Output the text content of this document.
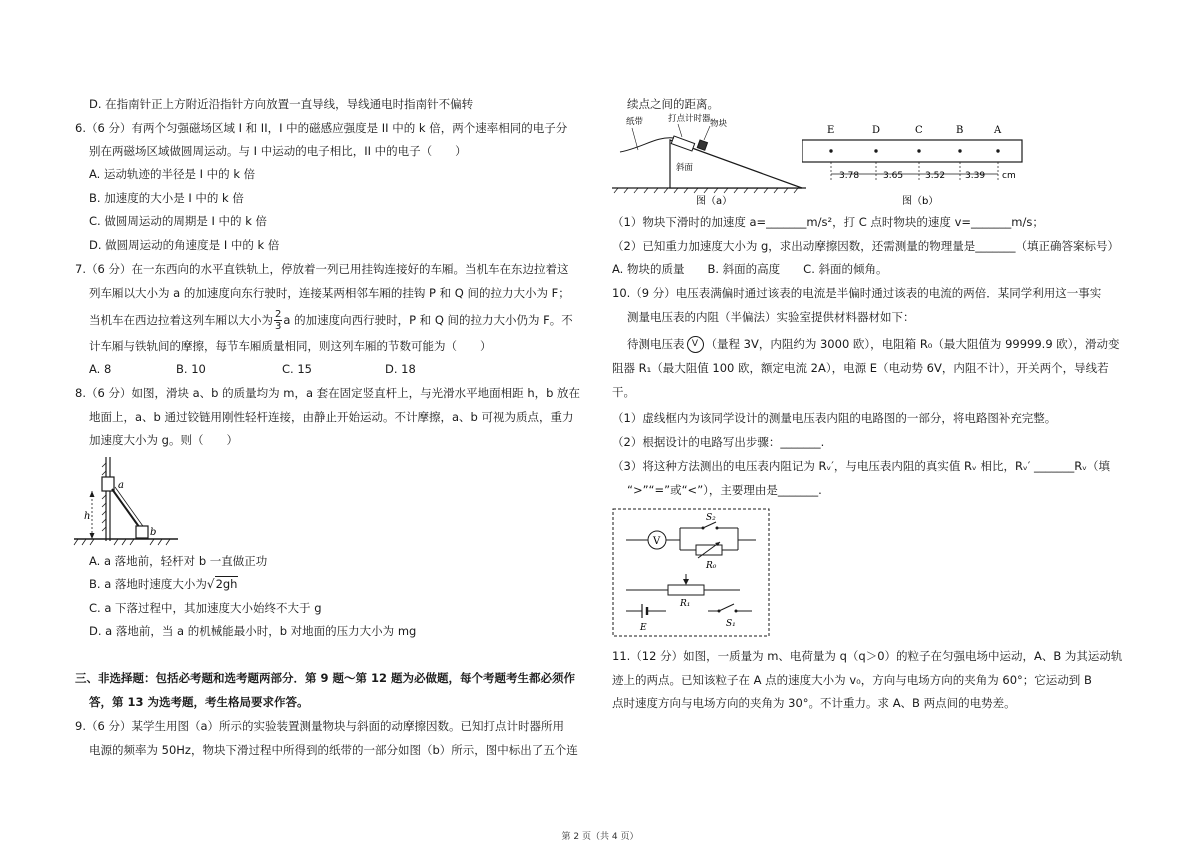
D. 在指南针正上方附近沿指针方向放置一直导线，导线通电时指南针不偏转
6.（6 分）有两个匀强磁场区域 I 和 II，I 中的磁感应强度是 II 中的 k 倍，两个速率相同的电子分
别在两磁场区域做圆周运动。与 I 中运动的电子相比，II 中的电子（　　）
A. 运动轨迹的半径是 I 中的 k 倍
B. 加速度的大小是 I 中的 k 倍
C. 做圆周运动的周期是 I 中的 k 倍
D. 做圆周运动的角速度是 I 中的 k 倍
7.（6 分）在一东西向的水平直铁轨上，停放着一列已用挂钩连接好的车厢。当机车在东边拉着这
列车厢以大小为 a 的加速度向东行驶时，连接某两相邻车厢的挂钩 P 和 Q 间的拉力大小为 F；
当机车在西边拉着这列车厢以大小为 $\frac{2}{3}$ a 的加速度向西行驶时，P 和 Q 间的拉力大小仍为 F。不
计车厢与铁轨间的摩擦，每节车厢质量相同，则这列车厢的节数可能为（　　）
A. 8	B. 10	C. 15	D. 18
8.（6 分）如图，滑块 a、b 的质量均为 m，a 套在固定竖直杆上，与光滑水平地面相距 h，b 放在
地面上，a、b 通过铰链用刚性轻杆连接，由静止开始运动。不计摩擦，a、b 可视为质点，重力
加速度大小为 g。则（　　）
h
a
b
A. a 落地前，轻杆对 b 一直做正功
B. a 落地时速度大小为√2gh
C. a 下落过程中，其加速度大小始终不大于 g
D. a 落地前，当 a 的机械能最小时，b 对地面的压力大小为 mg
三、非选择题：包括必考题和选考题两部分．第 9 题～第 12 题为必做题，每个考题考生都必须作
答，第 13 为选考题，考生格局要求作答。
9.（6 分）某学生用图（a）所示的实验装置测量物块与斜面的动摩擦因数。已知打点计时器所用
电源的频率为 50Hz，物块下滑过程中所得到的纸带的一部分如图（b）所示，图中标出了五个连
续点之间的距离。
纸带	打点计时器 物块
斜面
图（a）
E	D	C	B	A
3.78	3.65 3.52 3.39 cm
图（b）
（1）物块下滑时的加速度 a=_______m/s²，打 C 点时物块的速度 v=_______m/s；
（2）已知重力加速度大小为 g，求出动摩擦因数，还需测量的物理量是_______（填正确答案标号）
A. 物块的质量　　B. 斜面的高度　　C. 斜面的倾角。
10.（9 分）电压表满偏时通过该表的电流是半偏时通过该表的电流的两倍．某同学利用这一事实
测量电压表的内阻（半偏法）实验室提供材料器材如下：
待测电压表 V （量程 3V，内阻约为 3000 欧），电阻箱 R₀（最大阻值为 99999.9 欧），滑动变
阻器 R₁（最大阻值 100 欧，额定电流 2A），电源 E（电动势 6V，内阻不计），开关两个，导线若
干。
（1）虚线框内为该同学设计的测量电压表内阻的电路图的一部分，将电路图补充完整。
（2）根据设计的电路写出步骤：_______.
（3）将这种方法测出的电压表内阻记为 Rᵥ′，与电压表内阻的真实值 Rᵥ 相比，Rᵥ′ _______Rᵥ（填
“>”“=”或“<”），主要理由是_______.
V
S₂
R₀
R₁
E	S₁
11.（12 分）如图，一质量为 m、电荷量为 q（q＞0）的粒子在匀强电场中运动，A、B 为其运动轨
迹上的两点。已知该粒子在 A 点的速度大小为 v₀，方向与电场方向的夹角为 60°；它运动到 B
点时速度方向与电场方向的夹角为 30°。不计重力。求 A、B 两点间的电势差。
第 2 页（共 4 页）
